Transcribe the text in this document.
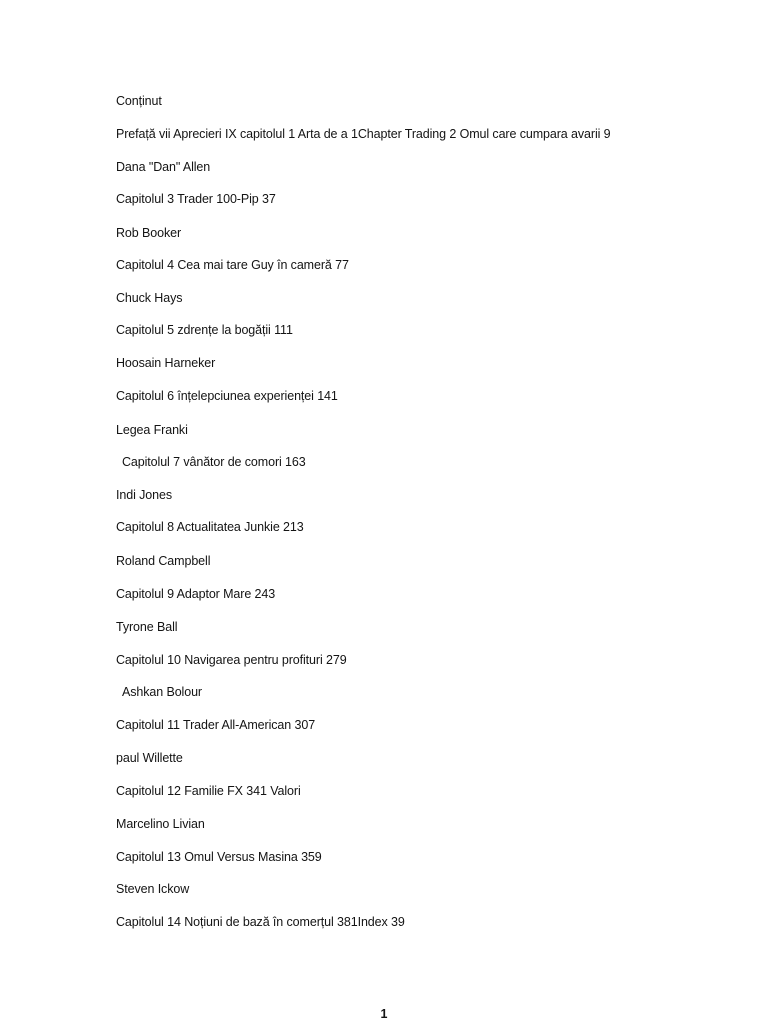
Conținut
Prefață vii Aprecieri IX capitolul 1 Arta de a 1Chapter Trading 2 Omul care cumpara avarii 9
Dana "Dan" Allen
Capitolul 3 Trader 100-Pip 37
Rob Booker
Capitolul 4 Cea mai tare Guy în cameră 77
Chuck Hays
Capitolul 5 zdrențe la bogății 111
Hoosain Harneker
Capitolul 6 înțelepciunea experienței 141
Legea Franki
Capitolul 7 vânător de comori 163
Indi Jones
Capitolul 8 Actualitatea Junkie 213
Roland Campbell
Capitolul 9 Adaptor Mare 243
Tyrone Ball
Capitolul 10 Navigarea pentru profituri 279
Ashkan Bolour
Capitolul 11 Trader All-American 307
paul Willette
Capitolul 12 Familie FX 341 Valori
Marcelino Livian
Capitolul 13 Omul Versus Masina 359
Steven Ickow
Capitolul 14 Noțiuni de bază în comerțul 381Index 39
1
